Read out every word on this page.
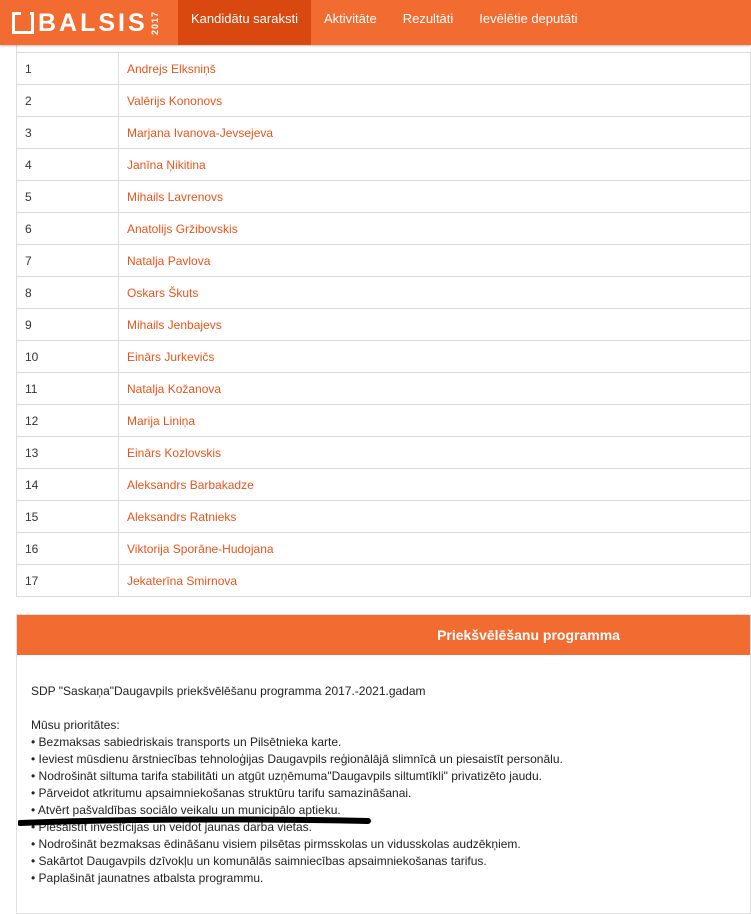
BALSIS 2017	Kandidātu saraksti	Aktivitāte	Rezultāti	Ievēlētie deputāti
1	Andrejs Elksniņš
2	Valērijs Kononovs
3	Marjana Ivanova-Jevsejeva
4	Janīna Ņikitina
5	Mihails Lavrenovs
6	Anatolijs Gržibovskis
7	Natalja Pavlova
8	Oskars Škuts
9	Mihails Jenbajevs
10	Einārs Jurkevičs
11	Natalja Kožanova
12	Marija Liniņa
13	Einārs Kozlovskis
14	Aleksandrs Barbakadze
15	Aleksandrs Ratnieks
16	Viktorija Sporāne-Hudojana
17	Jekaterīna Smirnova
Priekšvēlēšanu programma
SDP "Saskaņa"Daugavpils priekšvēlēšanu programma 2017.-2021.gadam
Mūsu prioritātes:
• Bezmaksas sabiedriskais transports un Pilsētnieka karte.
• Ieviest mūsdienu ārstniecības tehnoloģijas Daugavpils reģionālājā slimnīcā un piesaistīt personālu.
• Nodrošināt siltuma tarifa stabilitāti un atgūt uzņēmuma"Daugavpils siltumtīkli" privatizēto jaudu.
• Pārveidot atkritumu apsaimniekošanas struktūru tarifu samazināšanai.
• Atvērt pašvaldības sociālo veikalu un municipālo aptieku.
• Piesaistīt investīcijas un veidot jaunas darba vietas.
• Nodrošināt bezmaksas ēdināšanu visiem pilsētas pirmsskolas un vidusskolas audzēkņiem.
• Sakārtot Daugavpils dzīvokļu un komunālās saimniecības apsaimniekošanas tarifus.
• Paplašināt jaunatnes atbalsta programmu.
